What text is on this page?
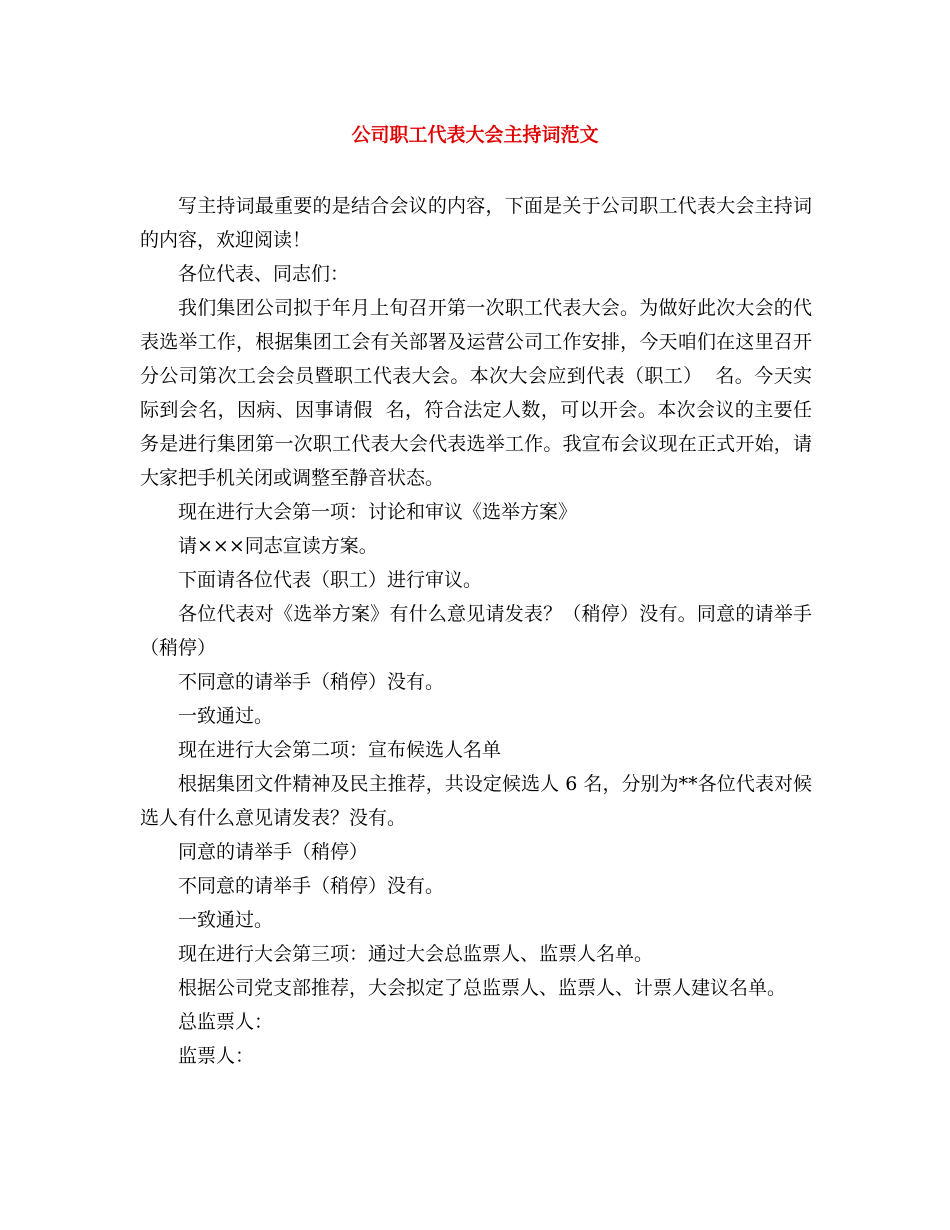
公司职工代表大会主持词范文

写主持词最重要的是结合会议的内容，下面是关于公司职工代表大会主持词的内容，欢迎阅读！

各位代表、同志们：

我们集团公司拟于年月上旬召开第一次职工代表大会。为做好此次大会的代表选举工作，根据集团工会有关部署及运营公司工作安排，今天咱们在这里召开分公司第次工会会员暨职工代表大会。本次大会应到代表（职工）  名。今天实际到会名，因病、因事请假  名，符合法定人数，可以开会。本次会议的主要任务是进行集团第一次职工代表大会代表选举工作。我宣布会议现在正式开始，请大家把手机关闭或调整至静音状态。

现在进行大会第一项：讨论和审议《选举方案》

请×××同志宣读方案。

下面请各位代表（职工）进行审议。

各位代表对《选举方案》有什么意见请发表？（稍停）没有。同意的请举手（稍停）

不同意的请举手（稍停）没有。

一致通过。

现在进行大会第二项：宣布候选人名单

根据集团文件精神及民主推荐，共设定候选人 6 名，分别为**各位代表对候选人有什么意见请发表？没有。

同意的请举手（稍停）

不同意的请举手（稍停）没有。

一致通过。

现在进行大会第三项：通过大会总监票人、监票人名单。

根据公司党支部推荐，大会拟定了总监票人、监票人、计票人建议名单。

总监票人：

监票人：
